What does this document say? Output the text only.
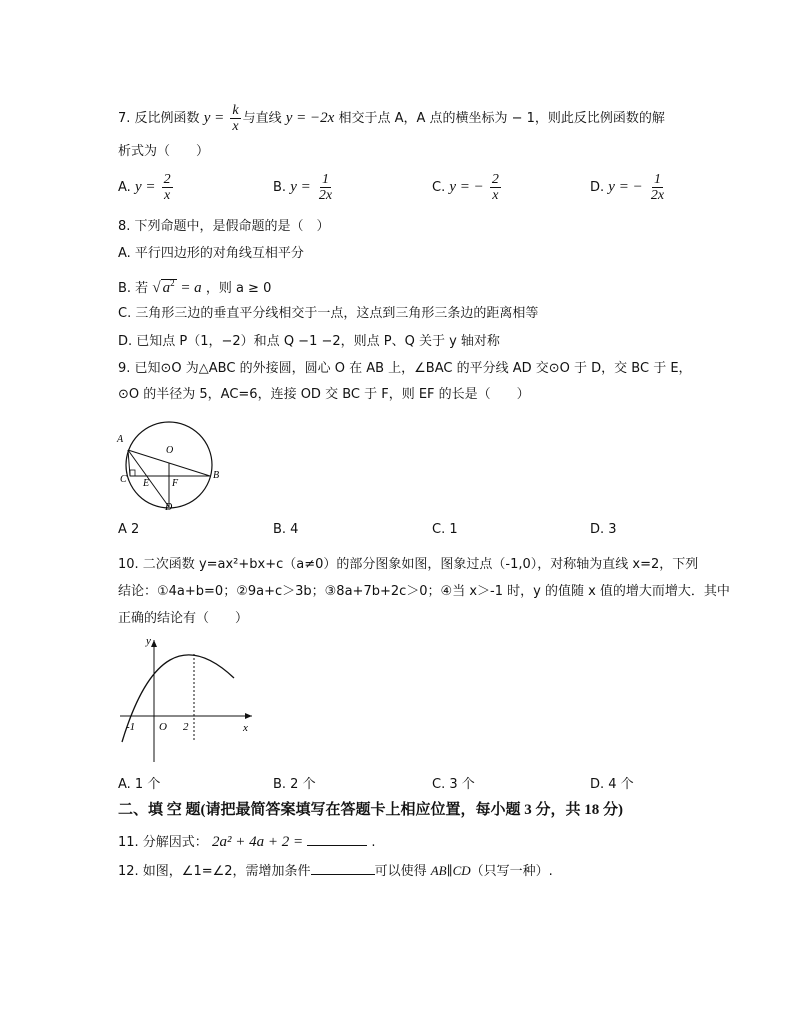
7. 反比例函数 $y = \frac{k}{x}$ 与直线 y = −2x 相交于点 A，A 点的横坐标为 − 1，则此反比例函数的解
析式为（　　）
A. $y = \frac{2}{x}$	B. $y = \frac{1}{2x}$	C. y = − $\frac{2}{x}$	D. y = − $\frac{1}{2x}$
8. 下列命题中，是假命题的是（　）
A. 平行四边形的对角线互相平分
B. 若 √ $a^2 = a$ ，则 a ≥ 0
C. 三角形三边的垂直平分线相交于一点，这点到三角形三条边的距离相等
D. 已知点 P（1，−2）和点 Q −1 −2，则点 P、Q 关于 y 轴对称
9. 已知⊙O 为△ABC 的外接圆，圆心 O 在 AB 上，∠BAC 的平分线 AD 交⊙O 于 D，交 BC 于 E，
⊙O 的半径为 5，AC=6，连接 OD 交 BC 于 F，则 EF 的长是（　　）
A
O
B
C E F
D
A 2	B. 4	C. 1	D. 3
10. 二次函数 y=ax²+bx+c（a≠0）的部分图象如图，图象过点（-1,0），对称轴为直线 x=2，下列
结论：①4a+b=0；②9a+c＞3b；③8a+7b+2c＞0；④当 x＞-1 时，y 的值随 x 值的增大而增大．其中
正确的结论有（　　）
y
x
-1 O 2
A. 1 个	B. 2 个	C. 3 个	D. 4 个
二、填 空 题(请把最简答案填写在答题卡上相应位置，每小题 3 分，共 18 分)
11. 分解因式： 2a² + 4a + 2 =	.
12. 如图，∠1=∠2，需增加条件	可以使得 AB∥CD（只写一种）.
